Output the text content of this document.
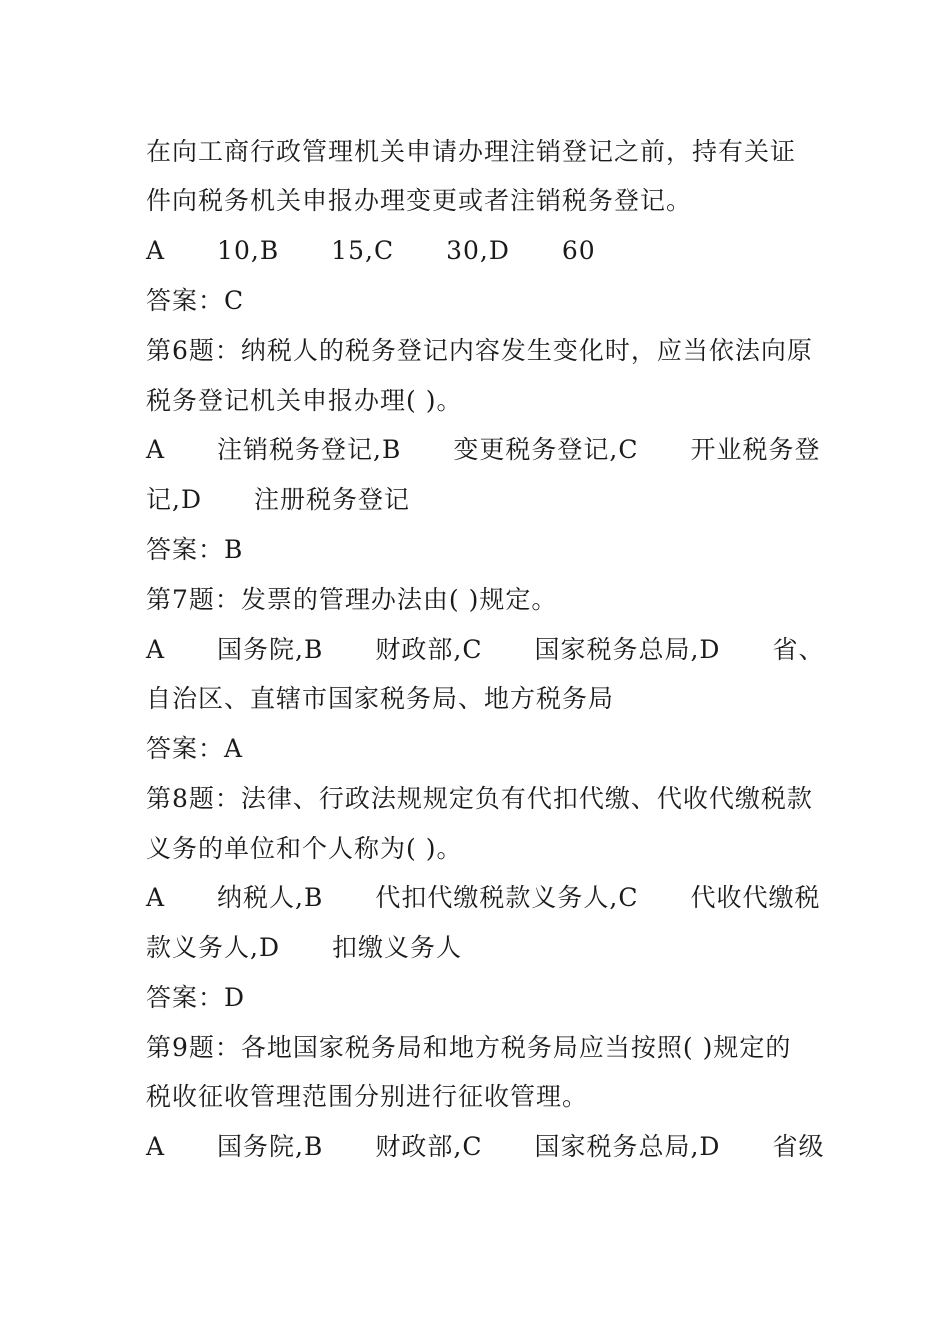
在向工商行政管理机关申请办理注销登记之前，持有关证
件向税务机关申报办理变更或者注销税务登记。
A　　10,B　　15,C　　30,D　　60
答案：C
第6题：纳税人的税务登记内容发生变化时，应当依法向原
税务登记机关申报办理( )。
A　　注销税务登记,B　　变更税务登记,C　　开业税务登
记,D　　注册税务登记
答案：B
第7题：发票的管理办法由( )规定。
A　　国务院,B　　财政部,C　　国家税务总局,D　　省、
自治区、直辖市国家税务局、地方税务局
答案：A
第8题：法律、行政法规规定负有代扣代缴、代收代缴税款
义务的单位和个人称为( )。
A　　纳税人,B　　代扣代缴税款义务人,C　　代收代缴税
款义务人,D　　扣缴义务人
答案：D
第9题：各地国家税务局和地方税务局应当按照( )规定的
税收征收管理范围分别进行征收管理。
A　　国务院,B　　财政部,C　　国家税务总局,D　　省级
